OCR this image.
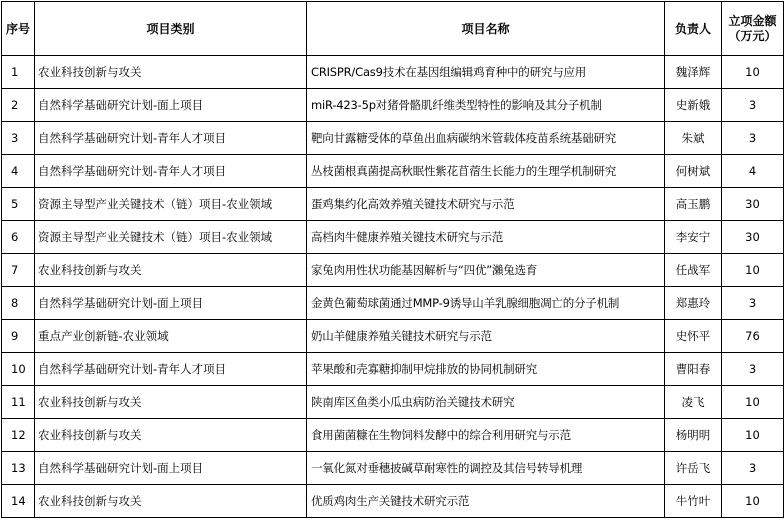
序号	项目类别	项目名称	负责人	立项金额
（万元）

1	农业科技创新与攻关	CRISPR/Cas9技术在基因组编辑鸡育种中的研究与应用	魏泽辉	10
2	自然科学基础研究计划-面上项目	miR-423-5p对猪骨骼肌纤维类型特性的影响及其分子机制	史新娥	3
3	自然科学基础研究计划-青年人才项目	靶向甘露糖受体的草鱼出血病碳纳米管载体疫苗系统基础研究	朱斌	3
4	自然科学基础研究计划-青年人才项目	丛枝菌根真菌提高秋眠性紫花苜蓿生长能力的生理学机制研究	何树斌	4
5	资源主导型产业关键技术（链）项目-农业领域	蛋鸡集约化高效养殖关键技术研究与示范	高玉鹏	30
6	资源主导型产业关键技术（链）项目-农业领域	高档肉牛健康养殖关键技术研究与示范	李安宁	30
7	农业科技创新与攻关	家兔肉用性状功能基因解析与“四优”瀨兔选育	任战军	10
8	自然科学基础研究计划-面上项目	金黄色葡萄球菌通过MMP-9诱导山羊乳腺细胞凋亡的分子机制	郑惠玲	3
9	重点产业创新链-农业领域	奶山羊健康养殖关键技术研究与示范	史怀平	76
10	自然科学基础研究计划-青年人才项目	苹果酸和壳寡糖抑制甲烷排放的协同机制研究	曹阳春	3
11	农业科技创新与攻关	陕南库区鱼类小瓜虫病防治关键技术研究	凌飞	10
12	农业科技创新与攻关	食用菌菌糠在生物饲料发酵中的综合利用研究与示范	杨明明	10
13	自然科学基础研究计划-面上项目	一氧化氮对垂穗披碱草耐寒性的调控及其信号转导机理	许岳飞	3
14	农业科技创新与攻关	优质鸡肉生产关键技术研究示范	牛竹叶	10
